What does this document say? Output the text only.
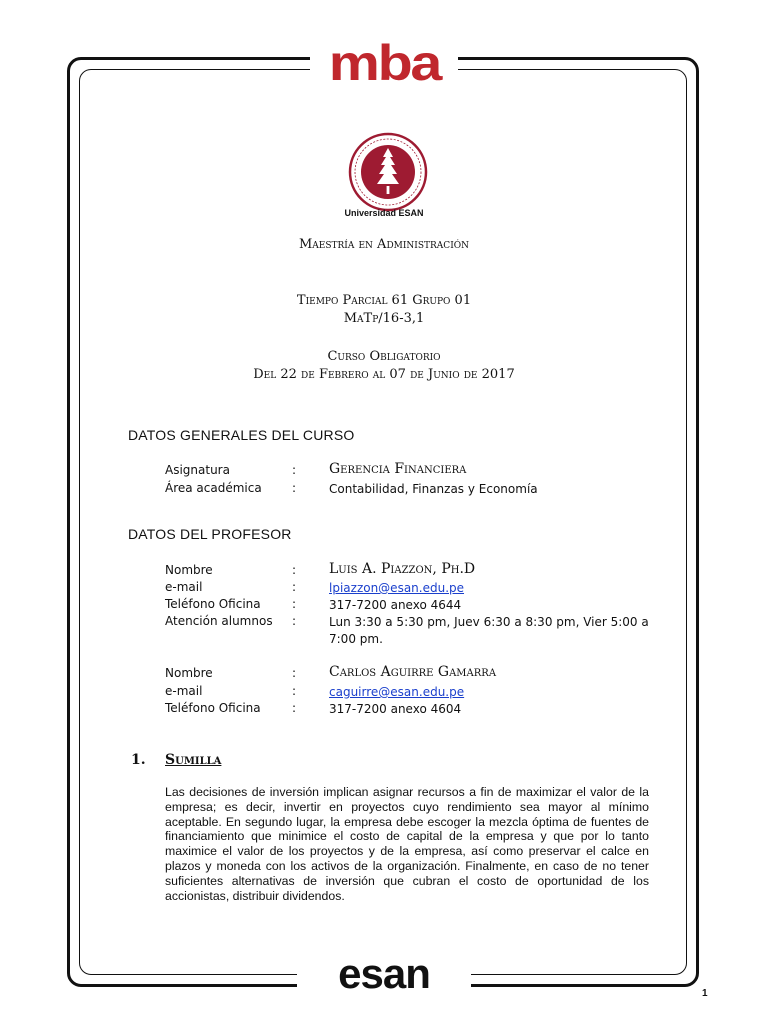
mba
Universidad ESAN
Maestría en Administración
Tiempo Parcial 61 Grupo 01
MaTp/16-3,1
Curso Obligatorio
Del 22 de Febrero al 07 de Junio de 2017
DATOS GENERALES DEL CURSO
Asignatura	: Gerencia Financiera
Área académica	:	Contabilidad, Finanzas y Economía
DATOS DEL PROFESOR
Nombre	: Luis A. Piazzon, Ph.D
e-mail	:	lpiazzon@esan.edu.pe
Teléfono Oficina	:	317-7200 anexo 4644
Atención alumnos :	Lun 3:30 a 5:30 pm, Juev 6:30 a 8:30 pm, Vier 5:00 a 7:00 pm.
Nombre	: Carlos Aguirre Gamarra
e-mail	:	caguirre@esan.edu.pe
Teléfono Oficina	:	317-7200 anexo 4604
1. Sumilla
Las decisiones de inversión implican asignar recursos a fin de maximizar el valor de la empresa; es decir, invertir en proyectos cuyo rendimiento sea mayor al mínimo aceptable. En segundo lugar, la empresa debe escoger la mezcla óptima de fuentes de financiamiento que minimice el costo de capital de la empresa y que por lo tanto maximice el valor de los proyectos y de la empresa, así como preservar el calce en plazos y moneda con los activos de la organización. Finalmente, en caso de no tener suficientes alternativas de inversión que cubran el costo de oportunidad de los accionistas, distribuir dividendos.
esan	1
